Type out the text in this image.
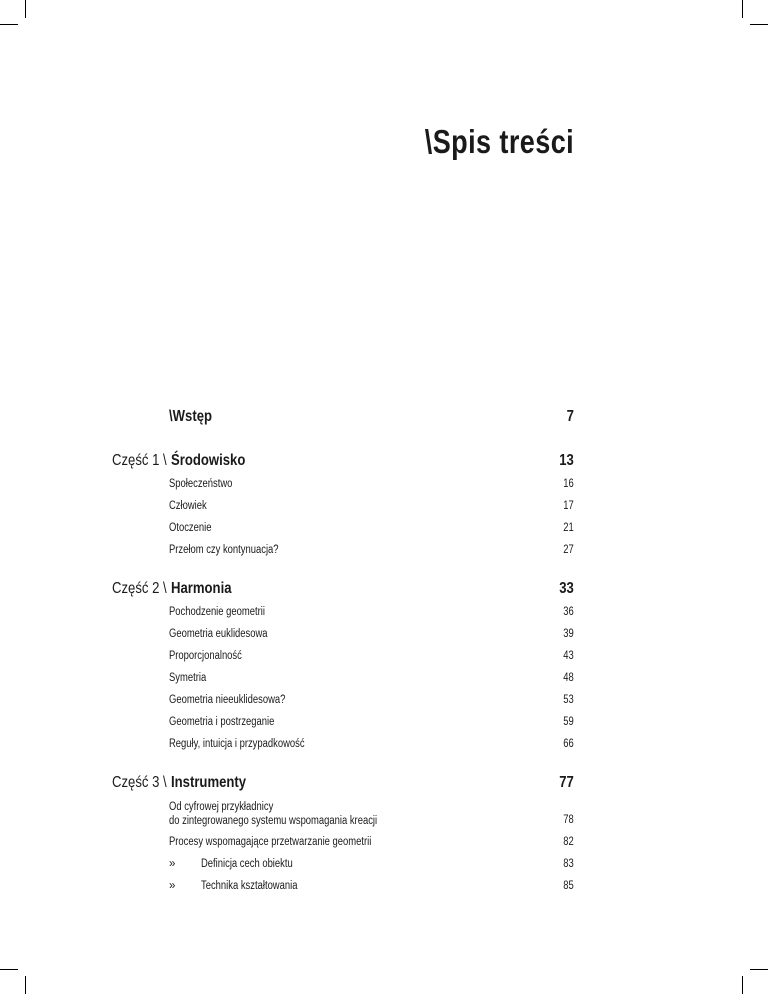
\Spis treści
\Wstęp	7
Część 1 \ Środowisko	13
Społeczeństwo	16
Człowiek	17
Otoczenie	21
Przełom czy kontynuacja?	27
Część 2 \ Harmonia	33
Pochodzenie geometrii	36
Geometria euklidesowa	39
Proporcjonalność	43
Symetria	48
Geometria nieeuklidesowa?	53
Geometria i postrzeganie	59
Reguły, intuicja i przypadkowość	66
Część 3 \ Instrumenty	77
Od cyfrowej przykładnicy
do zintegrowanego systemu wspomagania kreacji	78
Procesy wspomagające przetwarzanie geometrii	82
» Definicja cech obiektu	83
» Technika kształtowania	85
